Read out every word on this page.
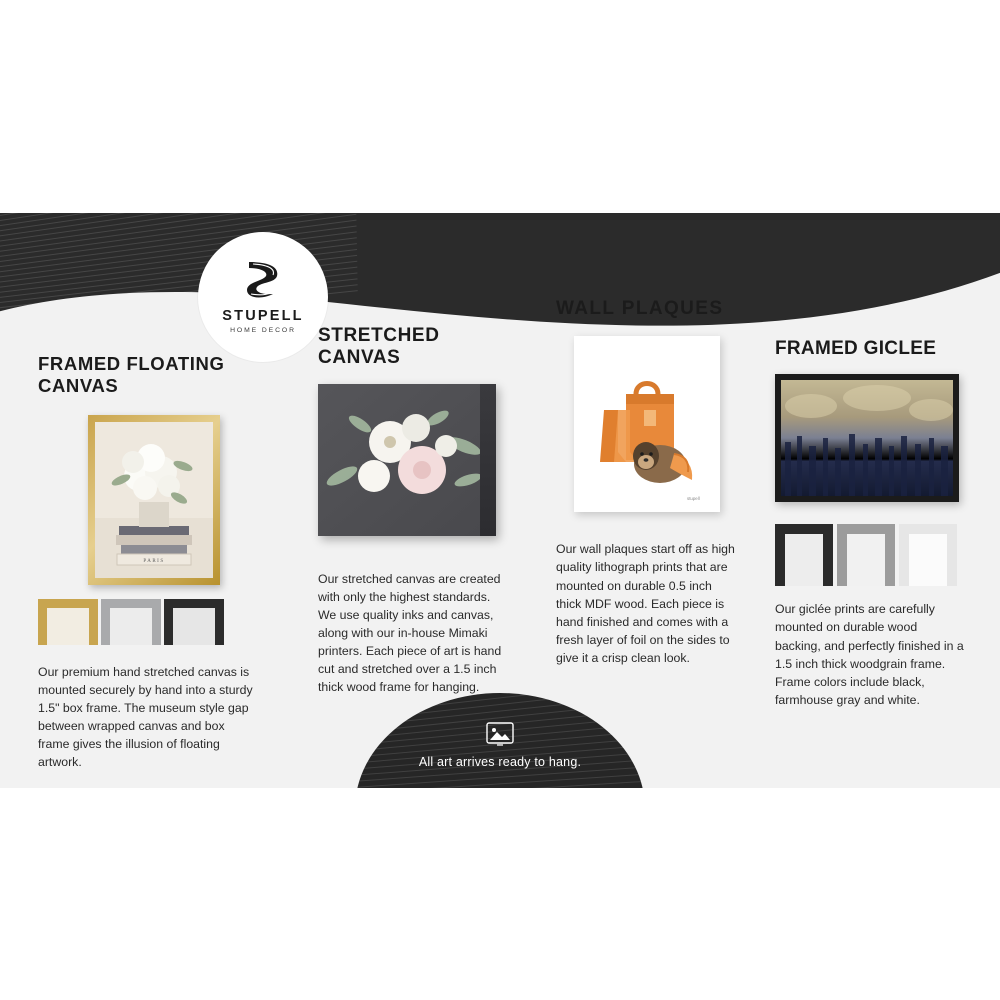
FRAMED FLOATING CANVAS
PARIS
Our premium hand stretched canvas is mounted securely by hand into a sturdy 1.5" box frame. The museum style gap between wrapped canvas and box frame gives the illusion of floating artwork.
STRETCHED CANVAS
Our stretched canvas are created with only the highest standards. We use quality inks and canvas, along with our in-house Mimaki printers. Each piece of art is hand cut and stretched over a 1.5 inch thick wood frame for hanging.
WALL PLAQUES
stupell
Our wall plaques start off as high quality lithograph prints that are mounted on durable 0.5 inch thick MDF wood. Each piece is hand finished and comes with a fresh layer of foil on the sides to give it a crisp clean look.
FRAMED GICLEE
Our giclée prints are carefully mounted on durable wood backing, and perfectly finished in a 1.5 inch thick woodgrain frame. Frame colors include black, farmhouse gray and white.
All art arrives ready to hang.
STUPELL
HOME DECOR
